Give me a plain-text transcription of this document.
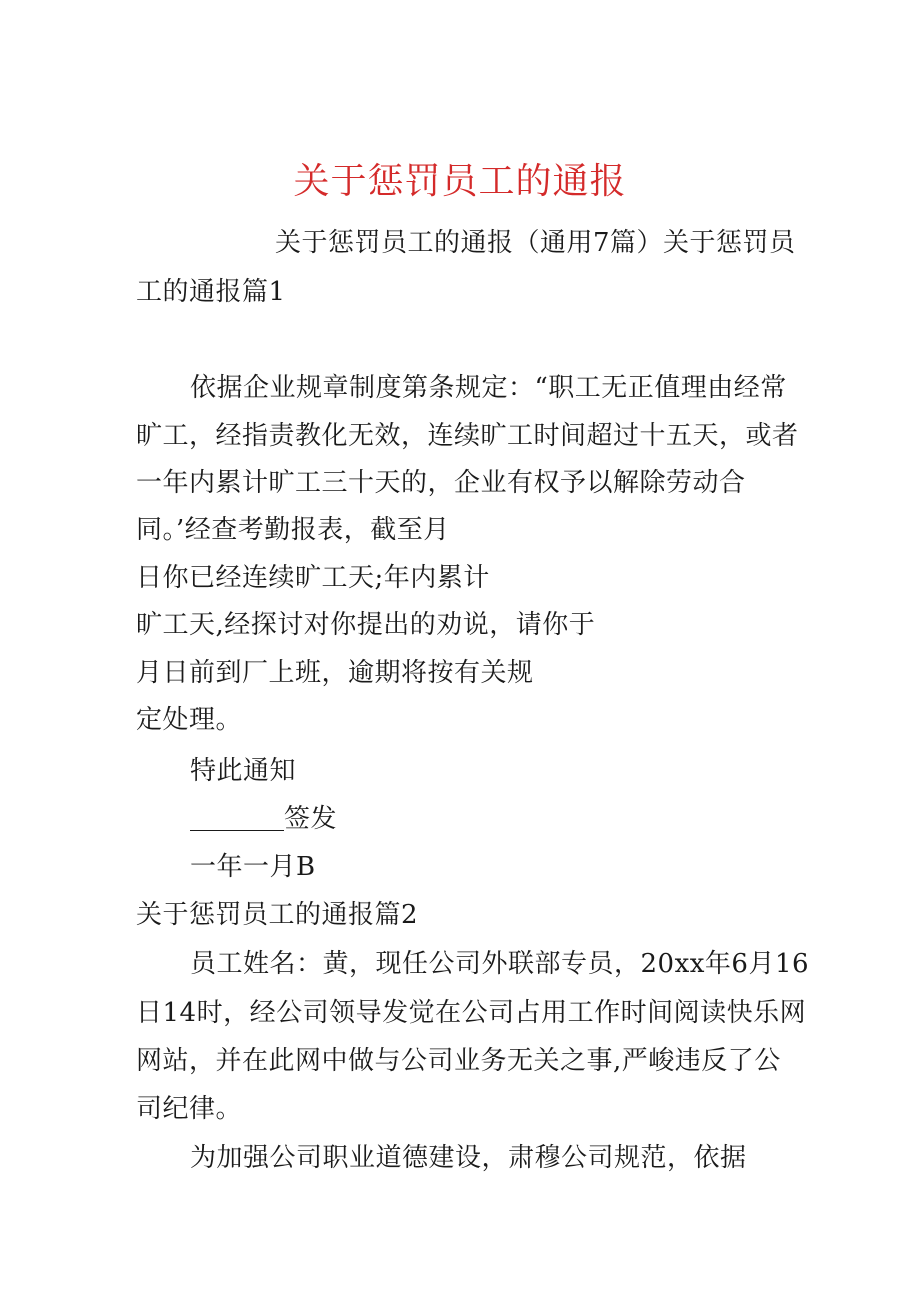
关于惩罚员工的通报
关于惩罚员工的通报（通用7篇）关于惩罚员
工的通报篇1
依据企业规章制度第条规定：“职工无正值理由经常
旷工，经指责教化无效，连续旷工时间超过十五天，或者
一年内累计旷工三十天的，企业有权予以解除劳动合
同。’经查考勤报表，截至月
日你已经连续旷工天;年内累计
旷工天,经探讨对你提出的劝说，请你于
月日前到厂上班，逾期将按有关规
定处理。
特此通知
签发
一年一月B
关于惩罚员工的通报篇2
员工姓名：黄，现任公司外联部专员，20xx年6月16
日14时，经公司领导发觉在公司占用工作时间阅读快乐网
网站，并在此网中做与公司业务无关之事,严峻违反了公
司纪律。
为加强公司职业道德建设，肃穆公司规范，依据
